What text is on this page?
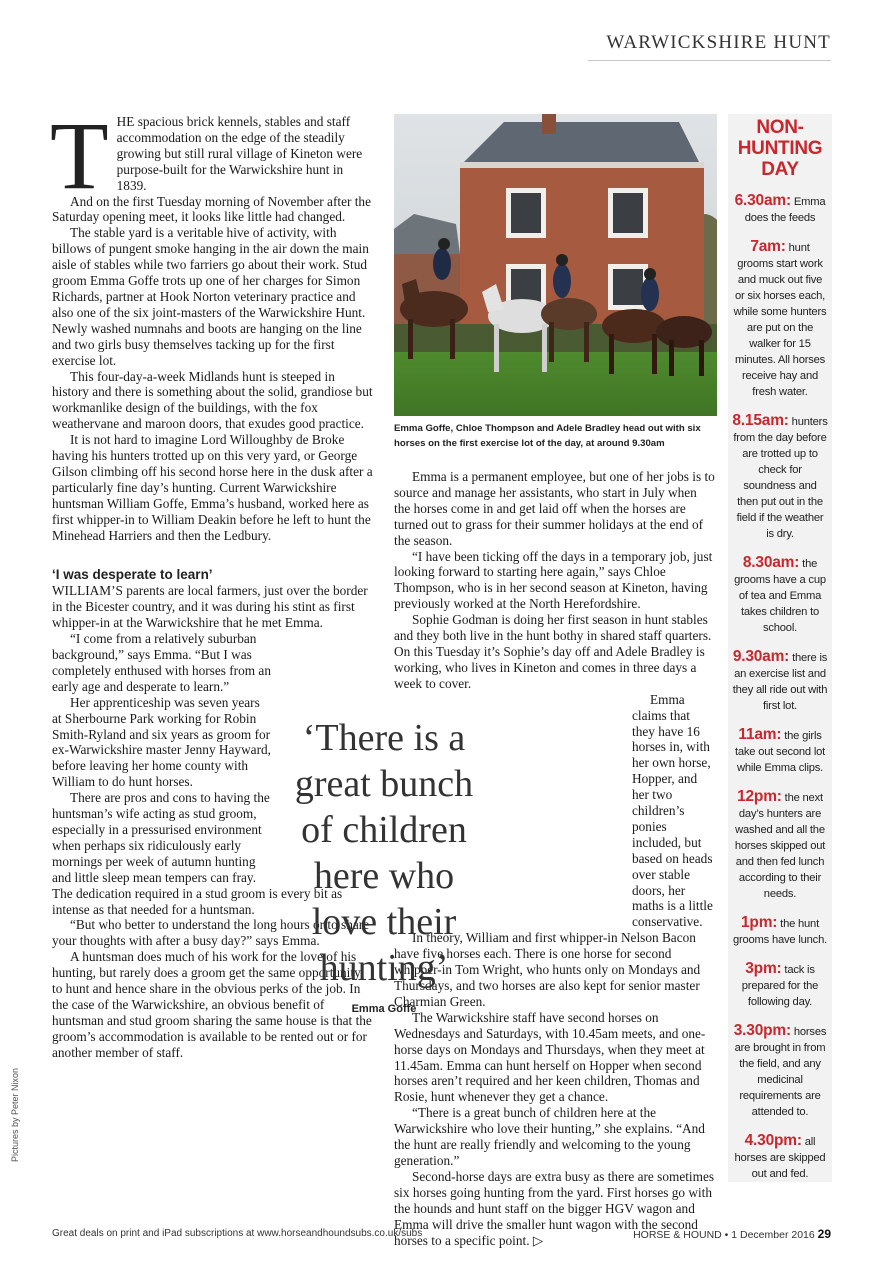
WARWICKSHIRE HUNT
T HE spacious brick kennels, stables and staff accommodation on the edge of the steadily growing but still rural village of Kineton were purpose-built for the Warwickshire hunt in 1839.

And on the first Tuesday morning of November after the Saturday opening meet, it looks like little had changed.

The stable yard is a veritable hive of activity, with billows of pungent smoke hanging in the air down the main aisle of stables while two farriers go about their work. Stud groom Emma Goffe trots up one of her charges for Simon Richards, partner at Hook Norton veterinary practice and also one of the six joint-masters of the Warwickshire Hunt. Newly washed numnahs and boots are hanging on the line and two girls busy themselves tacking up for the first exercise lot.

This four-day-a-week Midlands hunt is steeped in history and there is something about the solid, grandiose but workmanlike design of the buildings, with the fox weathervane and maroon doors, that exudes good practice.

It is not hard to imagine Lord Willoughby de Broke having his hunters trotted up on this very yard, or George Gilson climbing off his second horse here in the dusk after a particularly fine day’s hunting. Current Warwickshire huntsman William Goffe, Emma’s husband, worked here as first whipper-in to William Deakin before he left to hunt the Minehead Harriers and then the Ledbury.

‘I was desperate to learn’

WILLIAM’S parents are local farmers, just over the border in the Bicester country, and it was during his stint as first whipper-in at the Warwickshire that he met Emma.

“I come from a relatively suburban background,” says Emma. “But I was completely enthused with horses from an early age and desperate to learn.”

Her apprenticeship was seven years at Sherbourne Park working for Robin Smith-Ryland and six years as groom for ex-Warwickshire master Jenny Hayward, before leaving her home county with William to do hunt horses.

There are pros and cons to having the huntsman’s wife acting as stud groom, especially in a pressurised environment when perhaps six ridiculously early mornings per week of autumn hunting and little sleep mean tempers can fray. The dedication required in a stud groom is every bit as intense as that needed for a huntsman.

“But who better to understand the long hours or to share your thoughts with after a busy day?” says Emma.

A huntsman does much of his work for the love of his hunting, but rarely does a groom get the same opportunity to hunt and hence share in the obvious perks of the job. In the case of the Warwickshire, an obvious benefit of huntsman and stud groom sharing the same house is that the groom’s accommodation is available to be rented out or for another member of staff.

Emma Goffe, Chloe Thompson and Adele Bradley head out with six horses on the first exercise lot of the day, at around 9.30am

Emma is a permanent employee, but one of her jobs is to source and manage her assistants, who start in July when the horses come in and get laid off when the horses are turned out to grass for their summer holidays at the end of the season.

“I have been ticking off the days in a temporary job, just looking forward to starting here again,” says Chloe Thompson, who is in her second season at Kineton, having previously worked at the North Herefordshire.

Sophie Godman is doing her first season in hunt stables and they both live in the hunt bothy in shared staff quarters. On this Tuesday it’s Sophie’s day off and Adele Bradley is working, who lives in Kineton and comes in three days a week to cover.

Emma claims that they have 16 horses in, with her own horse, Hopper, and her two children’s ponies included, but based on heads over stable doors, her maths is a little conservative.

In theory, William and first whipper-in Nelson Bacon have five horses each. There is one horse for second whipper-in Tom Wright, who hunts only on Mondays and Thursdays, and two horses are also kept for senior master Charmian Green.

The Warwickshire staff have second horses on Wednesdays and Saturdays, with 10.45am meets, and one-horse days on Mondays and Thursdays, when they meet at 11.45am. Emma can hunt herself on Hopper when second horses aren’t required and her keen children, Thomas and Rosie, hunt whenever they get a chance.

“There is a great bunch of children here at the Warwickshire who love their hunting,” she explains. “And the hunt are really friendly and welcoming to the young generation.”

Second-horse days are extra busy as there are sometimes six horses going hunting from the yard. First horses go with the hounds and hunt staff on the bigger HGV wagon and Emma will drive the smaller hunt wagon with the second horses to a specific point. ▷

‘There is a great bunch of children here who love their hunting’
Emma Goffe
NON-HUNTING DAY
6.30am: Emma does the feeds
7am: hunt grooms start work and muck out five or six horses each, while some hunters are put on the walker for 15 minutes. All horses receive hay and fresh water.
8.15am: hunters from the day before are trotted up to check for soundness and then put out in the field if the weather is dry.
8.30am: the grooms have a cup of tea and Emma takes children to school.
9.30am: there is an exercise list and they all ride out with first lot.
11am: the girls take out second lot while Emma clips.
12pm: the next day’s hunters are washed and all the horses skipped out and then fed lunch according to their needs.
1pm: the hunt grooms have lunch.
3pm: tack is prepared for the following day.
3.30pm: horses are brought in from the field, and any medicinal requirements are attended to.
4.30pm: all horses are skipped out and fed.
Pictures by Peter Nixon
Great deals on print and iPad subscriptions at www.horseandhoundsubs.co.uk/subs	HORSE & HOUND • 1 December 2016 29
